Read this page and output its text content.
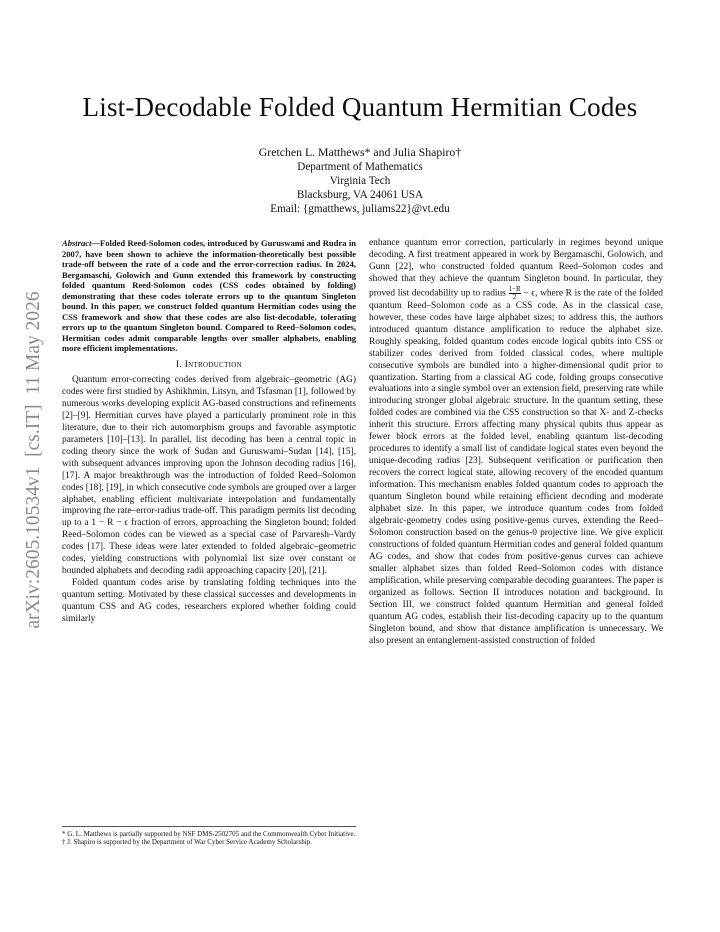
arXiv:2605.10534v1  [cs.IT]  11 May 2026
List-Decodable Folded Quantum Hermitian Codes
Gretchen L. Matthews* and Julia Shapiro†
Department of Mathematics
Virginia Tech
Blacksburg, VA 24061 USA
Email: {gmatthews, juliams22}@vt.edu
Abstract—Folded Reed-Solomon codes, introduced by Guruswami and Rudra in 2007, have been shown to achieve the information-theoretically best possible trade-off between the rate of a code and the error-correction radius. In 2024, Bergamaschi, Golowich and Gunn extended this framework by constructing folded quantum Reed-Solomon codes (CSS codes obtained by folding) demonstrating that these codes tolerate errors up to the quantum Singleton bound. In this paper, we construct folded quantum Hermitian codes using the CSS framework and show that these codes are also list-decodable, tolerating errors up to the quantum Singleton bound. Compared to Reed–Solomon codes, Hermitian codes admit comparable lengths over smaller alphabets, enabling more efficient implementations.
I. Introduction

Quantum error-correcting codes derived from algebraic–geometric (AG) codes were first studied by Ashikhmin, Litsyn, and Tsfasman [1], followed by numerous works developing explicit AG-based constructions and refinements [2]–[9]. Hermitian curves have played a particularly prominent role in this literature, due to their rich automorphism groups and favorable asymptotic parameters [10]–[13]. In parallel, list decoding has been a central topic in coding theory since the work of Sudan and Guruswami–Sudan [14], [15], with subsequent advances improving upon the Johnson decoding radius [16], [17]. A major breakthrough was the introduction of folded Reed–Solomon codes [18], [19], in which consecutive code symbols are grouped over a larger alphabet, enabling efficient multivariate interpolation and fundamentally improving the rate–error-radius trade-off. This paradigm permits list decoding up to a 1 − R − ϵ fraction of errors, approaching the Singleton bound; folded Reed–Solomon codes can be viewed as a special case of Parvaresh–Vardy codes [17]. These ideas were later extended to folded algebraic–geometric codes, yielding constructions with polynomial list size over constant or bounded alphabets and decoding radii approaching capacity [20], [21].

Folded quantum codes arise by translating folding techniques into the quantum setting. Motivated by these classical successes and developments in quantum CSS and AG codes, researchers explored whether folding could similarly

enhance quantum error correction, particularly in regimes beyond unique decoding. A first treatment appeared in work by Bergamaschi, Golowich, and Gunn [22], who constructed folded quantum Reed–Solomon codes and showed that they achieve the quantum Singleton bound. In particular, they proved list decodability up to radius $\frac{1-R}{2} - \epsilon$, where R is the rate of the folded quantum Reed–Solomon code as a CSS code. As in the classical case, however, these codes have large alphabet sizes; to address this, the authors introduced quantum distance amplification to reduce the alphabet size. Roughly speaking, folded quantum codes encode logical qubits into CSS or stabilizer codes derived from folded classical codes, where multiple consecutive symbols are bundled into a higher-dimensional qudit prior to quantization. Starting from a classical AG code, folding groups consecutive evaluations into a single symbol over an extension field, preserving rate while introducing stronger global algebraic structure. In the quantum setting, these folded codes are combined via the CSS construction so that X- and Z-checks inherit this structure. Errors affecting many physical qubits thus appear as fewer block errors at the folded level, enabling quantum list-decoding procedures to identify a small list of candidate logical states even beyond the unique-decoding radius [23]. Subsequent verification or purification then recovers the correct logical state, allowing recovery of the encoded quantum information. This mechanism enables folded quantum codes to approach the quantum Singleton bound while retaining efficient decoding and moderate alphabet size. In this paper, we introduce quantum codes from folded algebraic-geometry codes using positive-genus curves, extending the Reed–Solomon construction based on the genus-0 projective line. We give explicit constructions of folded quantum Hermitian codes and general folded quantum AG codes, and show that codes from positive-genus curves can achieve smaller alphabet sizes than folded Reed–Solomon codes with distance amplification, while preserving comparable decoding guarantees. The paper is organized as follows. Section II introduces notation and background. In Section III, we construct folded quantum Hermitian and general folded quantum AG codes, establish their list-decoding capacity up to the quantum Singleton bound, and show that distance amplification is unnecessary. We also present an entanglement-assisted construction of folded

* G. L. Matthews is partially supported by NSF DMS-2502705 and the Commonwealth Cyber Initiative.
† J. Shapiro is supported by the Department of War Cyber Service Academy Scholarship.
